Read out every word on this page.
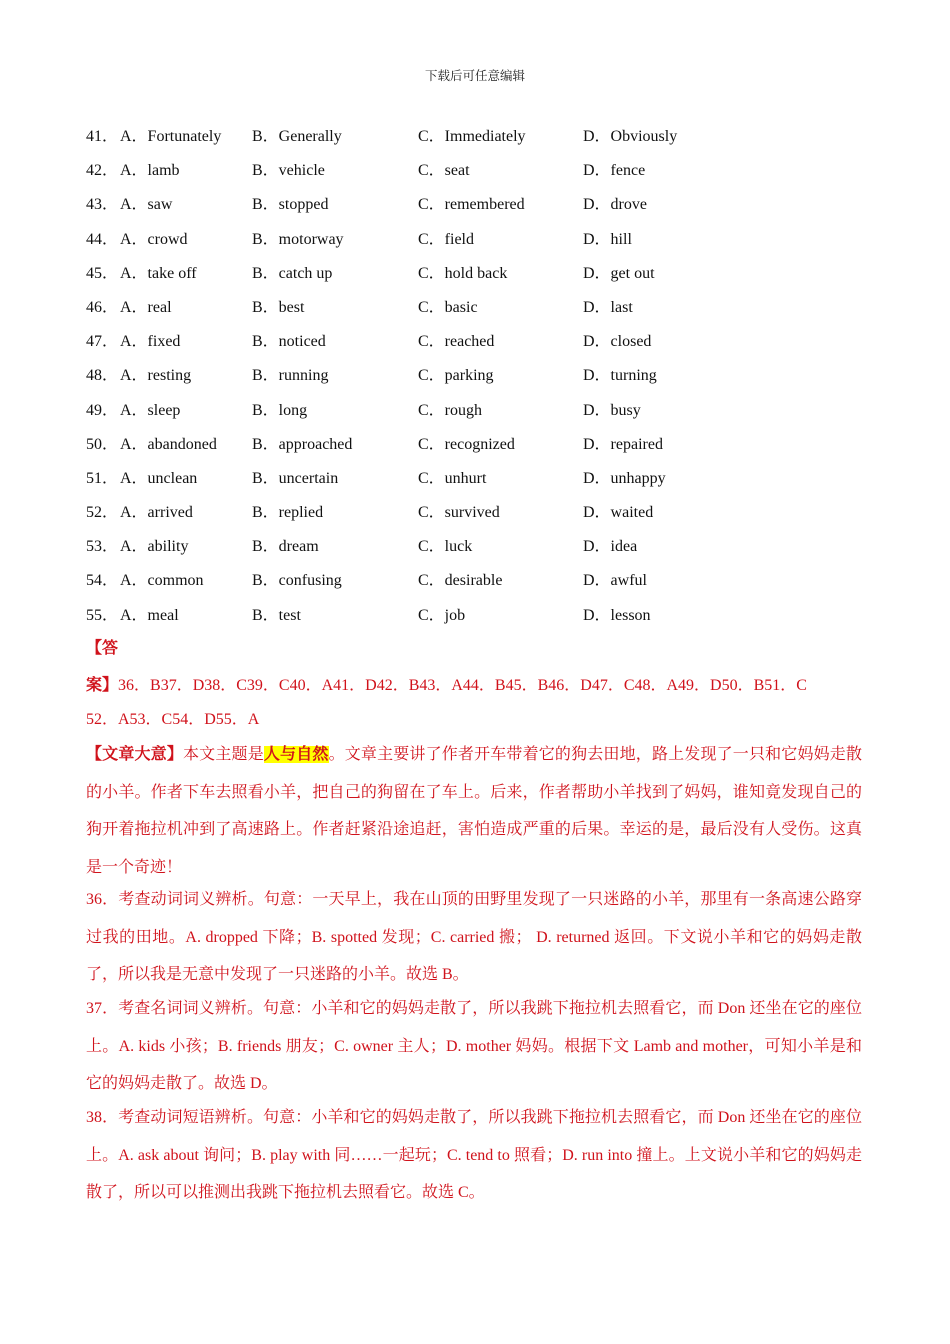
下载后可任意编辑
41． A．Fortunately B．Generally	C．Immediately	D．Obviously
42． A．lamb	B．vehicle	C．seat	D．fence
43． A．saw	B．stopped	C．remembered	D．drove
44． A．crowd	B．motorway	C．field	D．hill
45． A．take off	B．catch up	C．hold back	D．get out
46． A．real	B．best	C．basic	D．last
47． A．fixed	B．noticed	C．reached	D．closed
48． A．resting	B．running	C．parking	D．turning
49． A．sleep	B．long	C．rough	D．busy
50． A．abandoned B．approached	C．recognized	D．repaired
51． A．unclean	B．uncertain	C．unhurt	D．unhappy
52． A．arrived	B．replied	C．survived	D．waited
53． A．ability	B．dream	C．luck	D．idea
54． A．common	B．confusing	C．desirable	D．awful
55． A．meal	B．test	C．job	D．lesson
【答
案】36．B37．D38．C39．C40．A41．D42．B43．A44．B45．B46．D47．C48．A49．D50．B51．C
52．A53．C54．D55．A
【文章大意】本文主题是人与自然。文章主要讲了作者开车带着它的狗去田地，路上发现了一只和它妈妈走散的小羊。作者下车去照看小羊，把自己的狗留在了车上。后来，作者帮助小羊找到了妈妈，谁知竟发现自己的狗开着拖拉机冲到了高速路上。作者赶紧沿途追赶，害怕造成严重的后果。幸运的是，最后没有人受伤。这真是一个奇迹！
36．考查动词词义辨析。句意：一天早上，我在山顶的田野里发现了一只迷路的小羊，那里有一条高速公路穿过我的田地。A. dropped 下降；B. spotted 发现；C. carried 搬； D. returned 返回。下文说小羊和它的妈妈走散了，所以我是无意中发现了一只迷路的小羊。故选 B。
37．考查名词词义辨析。句意：小羊和它的妈妈走散了，所以我跳下拖拉机去照看它，而 Don 还坐在它的座位上。A. kids 小孩；B. friends 朋友；C. owner 主人；D. mother 妈妈。根据下文 Lamb and mother，可知小羊是和它的妈妈走散了。故选 D。
38．考查动词短语辨析。句意：小羊和它的妈妈走散了，所以我跳下拖拉机去照看它，而 Don 还坐在它的座位上。A. ask about 询问；B. play with 同……一起玩；C. tend to 照看；D. run into 撞上。上文说小羊和它的妈妈走散了，所以可以推测出我跳下拖拉机去照看它。故选 C。
